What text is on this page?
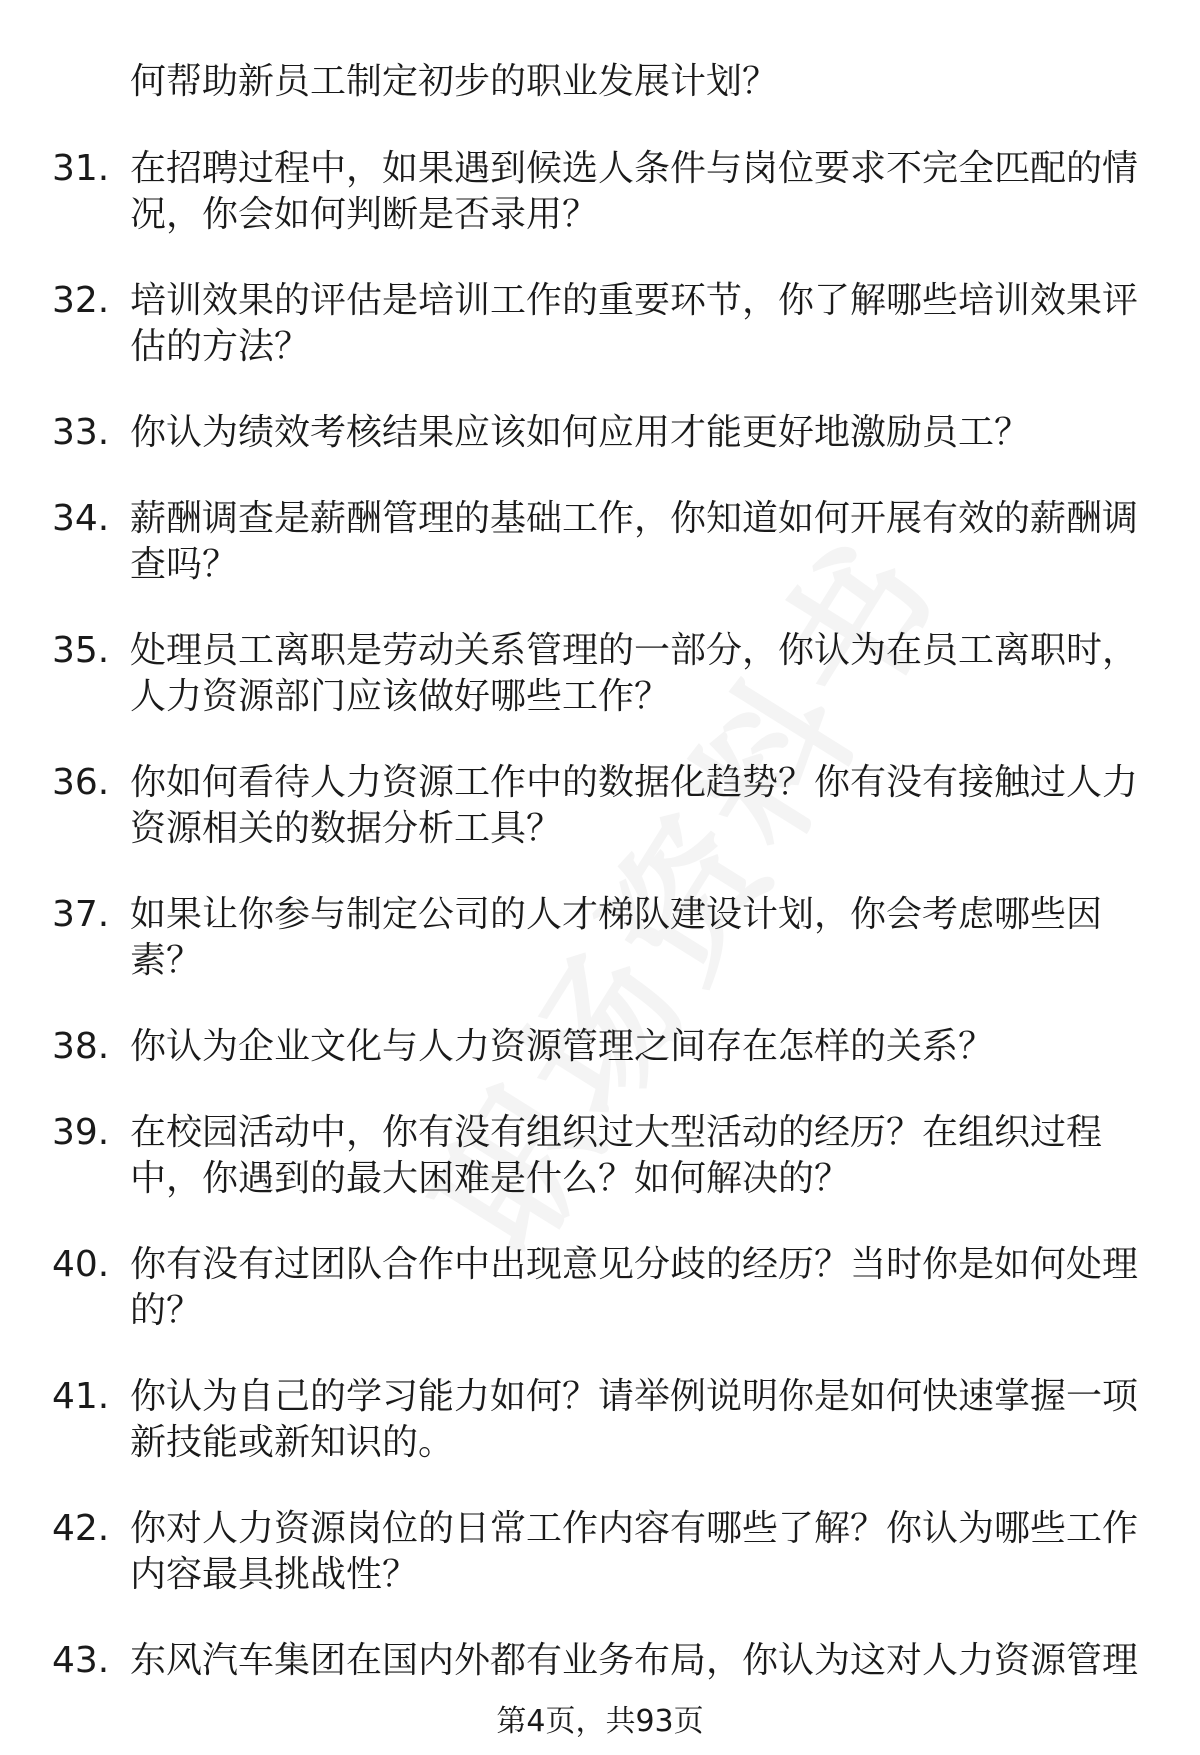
何帮助新员工制定初步的职业发展计划？
31. 在招聘过程中，如果遇到候选人条件与岗位要求不完全匹配的情
况，你会如何判断是否录用？
32. 培训效果的评估是培训工作的重要环节，你了解哪些培训效果评
估的方法？
33. 你认为绩效考核结果应该如何应用才能更好地激励员工？
34. 薪酬调查是薪酬管理的基础工作，你知道如何开展有效的薪酬调
查吗？
35. 处理员工离职是劳动关系管理的一部分，你认为在员工离职时，
人力资源部门应该做好哪些工作？
36. 你如何看待人力资源工作中的数据化趋势？你有没有接触过人力
资源相关的数据分析工具？
37. 如果让你参与制定公司的人才梯队建设计划，你会考虑哪些因
素？
38. 你认为企业文化与人力资源管理之间存在怎样的关系？
39. 在校园活动中，你有没有组织过大型活动的经历？在组织过程
中，你遇到的最大困难是什么？如何解决的？
40. 你有没有过团队合作中出现意见分歧的经历？当时你是如何处理
的？
41. 你认为自己的学习能力如何？请举例说明你是如何快速掌握一项
新技能或新知识的。
42. 你对人力资源岗位的日常工作内容有哪些了解？你认为哪些工作
内容最具挑战性？
43. 东风汽车集团在国内外都有业务布局，你认为这对人力资源管理
第4页，共93页
